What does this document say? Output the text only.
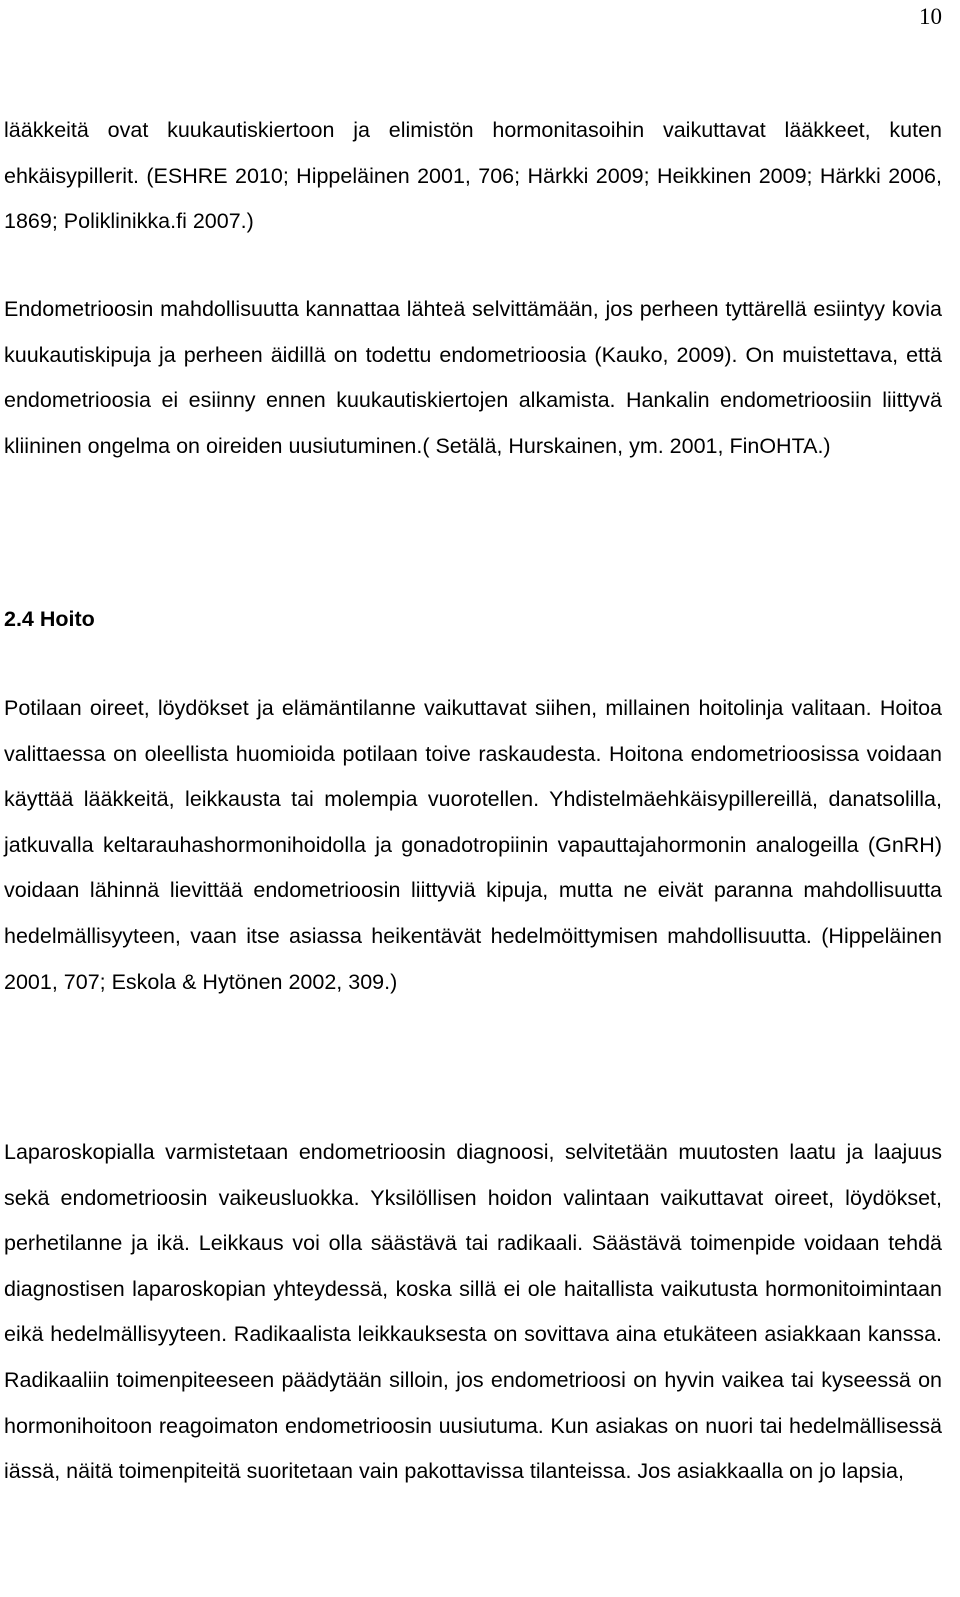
10

lääkkeitä ovat kuukautiskiertoon ja elimistön hormonitasoihin vaikuttavat lääkkeet, kuten ehkäisypillerit. (ESHRE 2010; Hippeläinen 2001, 706; Härkki 2009; Heikkinen 2009; Härkki 2006, 1869; Poliklinikka.fi 2007.)

Endometrioosin mahdollisuutta kannattaa lähteä selvittämään, jos perheen tyttärellä esiintyy kovia kuukautiskipuja ja perheen äidillä on todettu endometrioosia (Kauko, 2009). On muistettava, että endometrioosia ei esiinny ennen kuukautiskiertojen alkamista. Hankalin endometrioosiin liittyvä kliininen ongelma on oireiden uusiutuminen.( Setälä, Hurskainen, ym. 2001, FinOHTA.)

2.4 Hoito

Potilaan oireet, löydökset ja elämäntilanne vaikuttavat siihen, millainen hoitolinja valitaan. Hoitoa valittaessa on oleellista huomioida potilaan toive raskaudesta. Hoitona endometrioosissa voidaan käyttää lääkkeitä, leikkausta tai molempia vuorotellen. Yhdistelmäehkäisypillereillä, danatsolilla, jatkuvalla keltarauhashormonihoidolla ja gonadotropiinin vapauttajahormonin analogeilla (GnRH) voidaan lähinnä lievittää endometrioosin liittyviä kipuja, mutta ne eivät paranna mahdollisuutta hedelmällisyyteen, vaan itse asiassa heikentävät hedelmöittymisen mahdollisuutta. (Hippeläinen 2001, 707; Eskola & Hytönen 2002, 309.)

Laparoskopialla varmistetaan endometrioosin diagnoosi, selvitetään muutosten laatu ja laajuus sekä endometrioosin vaikeusluokka. Yksilöllisen hoidon valintaan vaikuttavat oireet, löydökset, perhetilanne ja ikä. Leikkaus voi olla säästävä tai radikaali. Säästävä toimenpide voidaan tehdä diagnostisen laparoskopian yhteydessä, koska sillä ei ole haitallista vaikutusta hormonitoimintaan eikä hedelmällisyyteen. Radikaalista leikkauksesta on sovittava aina etukäteen asiakkaan kanssa. Radikaaliin toimenpiteeseen päädytään silloin, jos endometrioosi on hyvin vaikea tai kyseessä on hormonihoitoon reagoimaton endometrioosin uusiutuma. Kun asiakas on nuori tai hedelmällisessä iässä, näitä toimenpiteitä suoritetaan vain pakottavissa tilanteissa. Jos asiakkaalla on jo lapsia,
